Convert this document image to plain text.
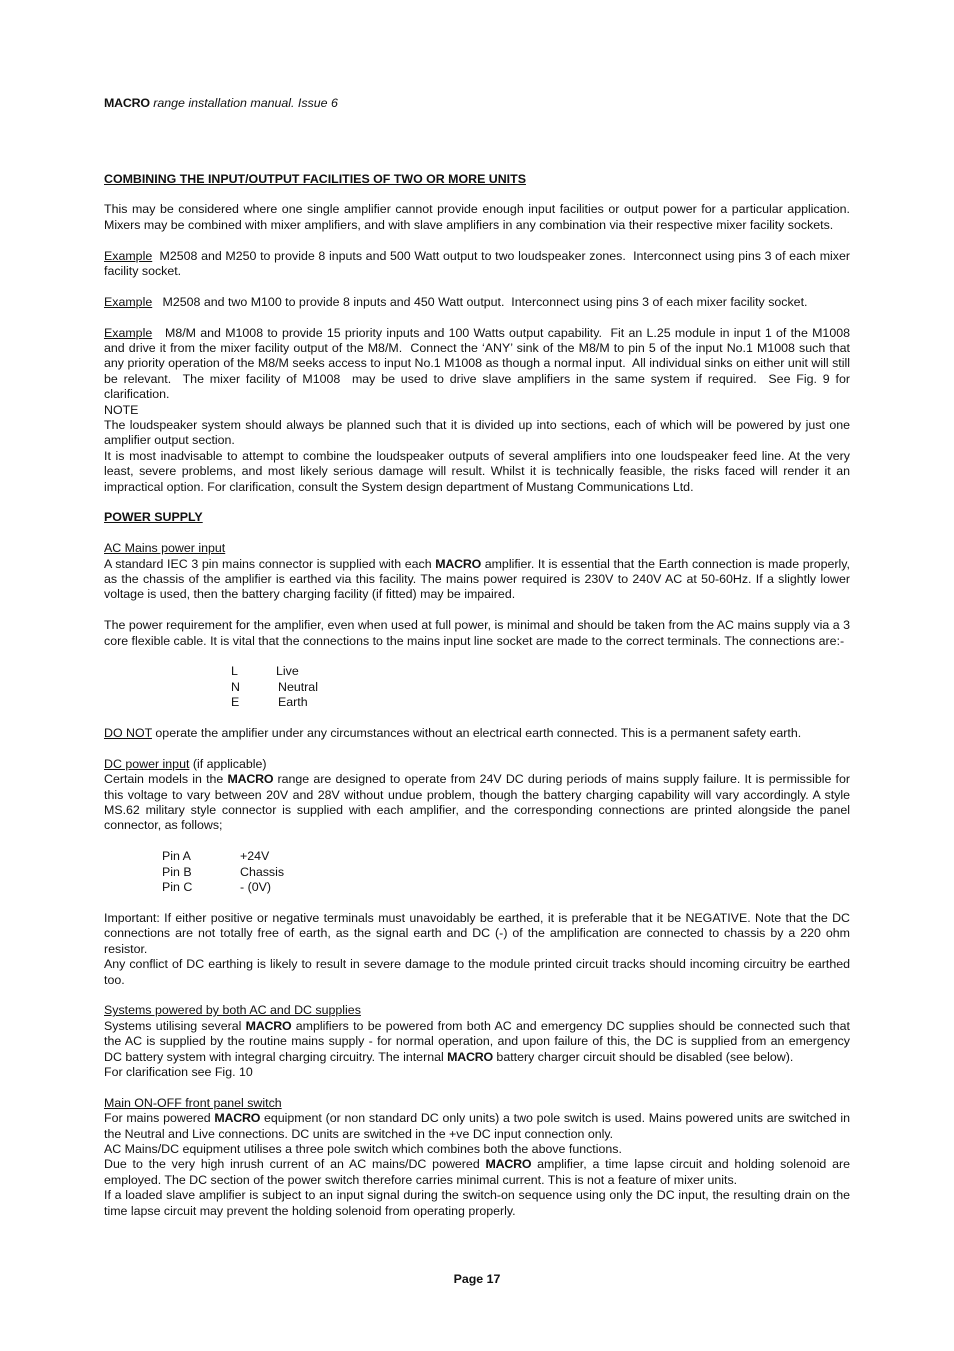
MACRO range installation manual. Issue 6

COMBINING THE INPUT/OUTPUT FACILITIES OF TWO OR MORE UNITS

This may be considered where one single amplifier cannot provide enough input facilities or output power for a particular application. Mixers may be combined with mixer amplifiers, and with slave amplifiers in any combination via their respective mixer facility sockets.

Example  M2508 and M250 to provide 8 inputs and 500 Watt output to two loudspeaker zones.  Interconnect using pins 3 of each mixer facility socket.

Example   M2508 and two M100 to provide 8 inputs and 450 Watt output.  Interconnect using pins 3 of each mixer facility socket.

Example   M8/M and M1008 to provide 15 priority inputs and 100 Watts output capability.  Fit an L.25 module in input 1 of the M1008 and drive it from the mixer facility output of the M8/M.  Connect the ‘ANY’ sink of the M8/M to pin 5 of the input No.1 M1008 such that any priority operation of the M8/M seeks access to input No.1 M1008 as though a normal input.  All individual sinks on either unit will still be relevant.  The mixer facility of M1008  may be used to drive slave amplifiers in the same system if required.  See Fig. 9 for clarification.

NOTE

The loudspeaker system should always be planned such that it is divided up into sections, each of which will be powered by just one amplifier output section.

It is most inadvisable to attempt to combine the loudspeaker outputs of several amplifiers into one loudspeaker feed line. At the very least, severe problems, and most likely serious damage will result. Whilst it is technically feasible, the risks faced will render it an impractical option. For clarification, consult the System design department of Mustang Communications Ltd.

POWER SUPPLY

AC Mains power input

A standard IEC 3 pin mains connector is supplied with each MACRO amplifier. It is essential that the Earth connection is made properly, as the chassis of the amplifier is earthed via this facility. The mains power required is 230V to 240V AC at 50-60Hz. If a slightly lower voltage is used, then the battery charging facility (if fitted) may be impaired.

The power requirement for the amplifier, even when used at full power, is minimal and should be taken from the AC mains supply via a 3 core flexible cable. It is vital that the connections to the mains input line socket are made to the correct terminals. The connections are:-

L	Live
N	Neutral
E	Earth

DO NOT operate the amplifier under any circumstances without an electrical earth connected. This is a permanent safety earth.

DC power input (if applicable)

Certain models in the MACRO range are designed to operate from 24V DC during periods of mains supply failure. It is permissible for this voltage to vary between 20V and 28V without undue problem, though the battery charging capability will vary accordingly. A style MS.62 military style connector is supplied with each amplifier, and the corresponding connections are printed alongside the panel connector, as follows;

Pin A	+24V
Pin B	Chassis
Pin C	- (0V)

Important: If either positive or negative terminals must unavoidably be earthed, it is preferable that it be NEGATIVE. Note that the DC connections are not totally free of earth, as the signal earth and DC (-) of the amplification are connected to chassis by a 220 ohm resistor.

Any conflict of DC earthing is likely to result in severe damage to the module printed circuit tracks should incoming circuitry be earthed too.

Systems powered by both AC and DC supplies

Systems utilising several MACRO amplifiers to be powered from both AC and emergency DC supplies should be connected such that the AC is supplied by the routine mains supply - for normal operation, and upon failure of this, the DC is supplied from an emergency DC battery system with integral charging circuitry. The internal MACRO battery charger circuit should be disabled (see below).

For clarification see Fig. 10

Main ON-OFF front panel switch

For mains powered MACRO equipment (or non standard DC only units) a two pole switch is used. Mains powered units are switched in the Neutral and Live connections. DC units are switched in the +ve DC input connection only.

AC Mains/DC equipment utilises a three pole switch which combines both the above functions.

Due to the very high inrush current of an AC mains/DC powered MACRO amplifier, a time lapse circuit and holding solenoid are employed. The DC section of the power switch therefore carries minimal current. This is not a feature of mixer units.

If a loaded slave amplifier is subject to an input signal during the switch-on sequence using only the DC input, the resulting drain on the time lapse circuit may prevent the holding solenoid from operating properly.

Page 17
